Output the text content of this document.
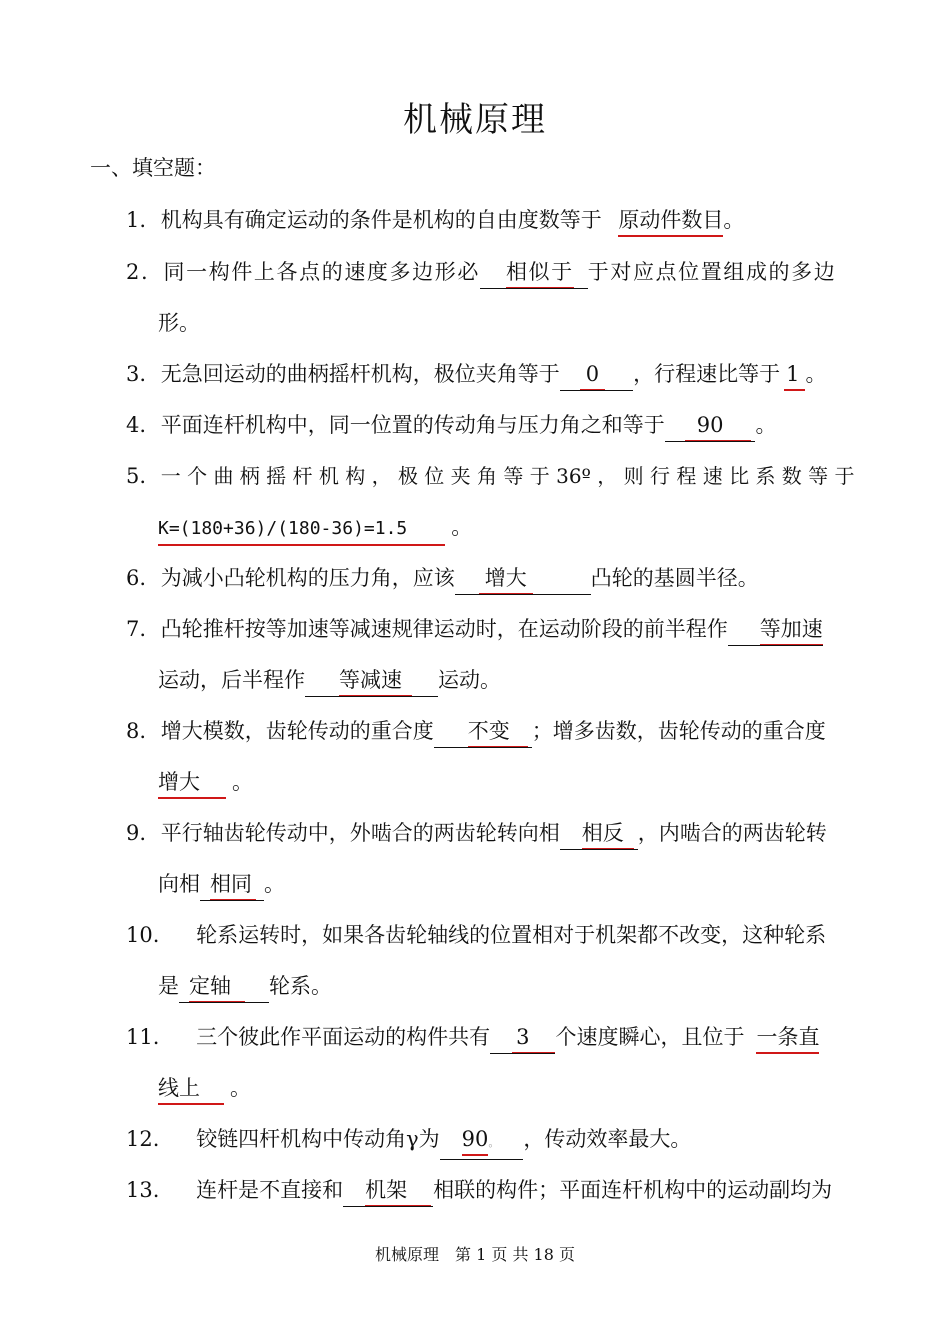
机械原理
一、填空题：
1. 机构具有确定运动的条件是机构的自由度数等于 原动件数目。
2. 同一构件上各点的速度多边形必 相似于 于对应点位置组成的多边
形。
3. 无急回运动的曲柄摇杆机构，极位夹角等于 0 ，行程速比等于 1 。
4. 平面连杆机构中，同一位置的传动角与压力角之和等于 90 。
5. 一 个 曲 柄 摇 杆 机 构 ， 极 位 夹 角 等 于 36º ， 则 行 程 速 比 系 数 等 于
K=(180+36)/(180-36)=1.5 。
6. 为减小凸轮机构的压力角，应该 增大	凸轮的基圆半径。
7. 凸轮推杆按等加速等减速规律运动时，在运动阶段的前半程作 等加速
运动，后半程作 等减速 运动。
8. 增大模数，齿轮传动的重合度 不变 ；增多齿数，齿轮传动的重合度
增大 。
9. 平行轴齿轮传动中，外啮合的两齿轮转向相 相反 ，内啮合的两齿轮转
向相 相同 。
10. 轮系运转时，如果各齿轮轴线的位置相对于机架都不改变，这种轮系
是 定轴 轮系。
11. 三个彼此作平面运动的构件共有 3 个速度瞬心，且位于 一条直
线上 。
12. 铰链四杆机构中传动角γ为 90。 ，传动效率最大。
13. 连杆是不直接和 机架 相联的构件；平面连杆机构中的运动副均为
机械原理　第 1 页 共 18 页
